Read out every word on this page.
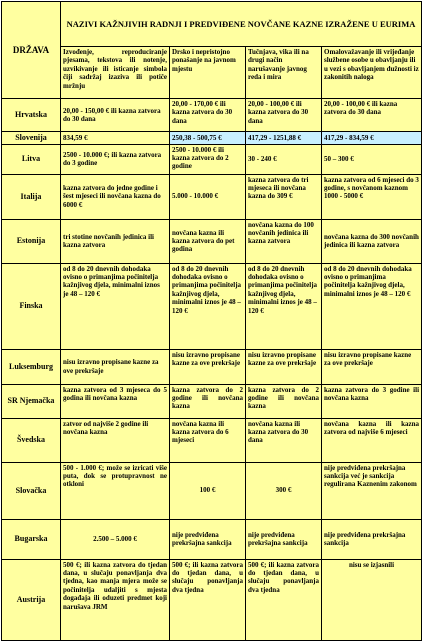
DRŽAVA	NAZIVI KAŽNJIVIH RADNJI I PREDVIĐENE NOVČANE KAZNE IZRAŽENE U EURIMA			
	Izvođenje, reproduciranje pjesama, tekstova ili notenje, uzvikivanje ili isticanje simbola čiji sadržaj izaziva ili potiče mržnju	Drsko i nepristojno ponašanje na javnom mjestu	Tučnjava, vika ili na drugi način narušavanje javnog reda i mira	Omalovažavanje ili vrijeđanje službene osobe u obavljanju ili u vezi s obavljanjem dužnosti iz zakonitih naloga
Hrvatska	20,00 - 150,00 € ili kazna zatvora do 30 dana	20,00 - 170,00 € ili kazna zatvora do 30 dana	20,00 - 100,00 € ili kazna zatvora do 30 dana	20,00 - 100,00 € ili kazna zatvora do 30 dana
Slovenija	834,59 €	250,38 - 500,75 €	417,29 - 1251,88 €	417,29 - 834,59 €
Litva	2500 - 10.000 €; ili kazna zatvora do 3 godine	2500 - 10.000 € ili kazna zatvora do 2 godine	30 - 240 €	50 – 300 €
Italija	kazna zatvora do jedne godine i šest mjeseci ili novčana kazna do 6000 €	5.000 - 10.000 €	kazna zatvora do tri mjeseca ili novčana kazna do 309 €	kazna zatvora od 6 mjeseci do 3 godine, s novčanom kaznom 1000 - 5000 €
Estonija	tri stotine novčanih jedinica ili kazna zatvora	novčana kazna ili kazna zatvora do pet godina	novčana kazna do 100 novčanih jedinica ili kazna zatvora	novčana kazna do 300 novčanih jedinica ili kazna zatvora
Finska	od 8 do 20 dnevnih dohodaka ovisno o primanjima počinitelja kažnjivog djela, minimalni iznos je 48 – 120 €	od 8 do 20 dnevnih dohodaka ovisno o primanjima počinitelja kažnjivog djela, minimalni iznos je 48 – 120 €	od 8 do 20 dnevnih dohodaka ovisno o primanjima počinitelja kažnjivog djela, minimalni iznos je 48 – 120 €	od 8 do 20 dnevnih dohodaka ovisno o primanjima počinitelja kažnjivog djela, minimalni iznos je 48 – 120 €
Luksemburg	nisu izravno propisane kazne za ove prekršaje	nisu izravno propisane kazne za ove prekršaje	nisu izravno propisane kazne za ove prekršaje	nisu izravno propisane kazne za ove prekršaje
SR Njemačka	kazna zatvora od 3 mjeseca do 5 godina ili novčana kazna	kazna zatvora do 2 godine ili novčana kazna	kazna zatvora do 2 godine ili novčana kazna	kazna zatvora do 3 godine ili novčana kazna
Švedska	zatvor od najviše 2 godine ili novčana kazna	novčana kazna ili kazna zatvora do 6 mjeseci	novčana kazna ili kazna zatvora do 30 dana	novčana kazna ili kazna zatvora od najviše 6 mjeseci
Slovačka	500 - 1.000 €; može se izricati više puta, dok se protupravnost ne otkloni	100 €	300 €	nije predviđena prekršajna sankcija već je sankcija regulirana Kaznenim zakonom
Bugarska	2.500 – 5.000 €	nije predviđena prekršajna sankcija	nije predviđena prekršajna sankcija	nije predviđena prekršajna sankcija
Austrija	500 €; ili kazna zatvora do tjedan dana, u slučaju ponavljanja dva tjedna, kao manja mjera može se počinitelja udaljiti s mjesta događaja ili oduzeti predmet koji narušava JRM	500 €; ili kazna zatvora do tjedan dana, u slučaju ponavljanja dva tjedna	500 €; ili kazna zatvora do tjedan dana, u slučaju ponavljanja dva tjedna	nisu se izjasnili
